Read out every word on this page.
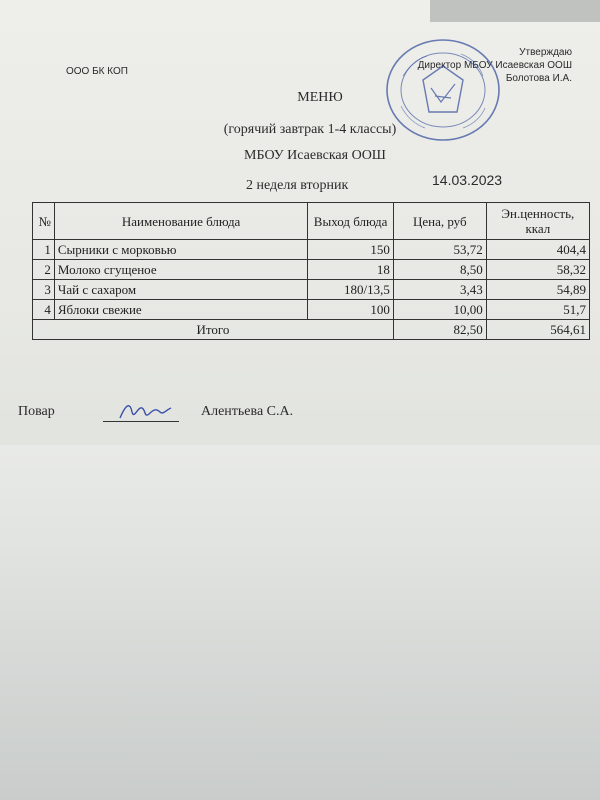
ООО БК КОП
Утверждаю
Директор МБОУ Исаевская ООШ
Болотова И.А.
МЕНЮ
(горячий завтрак 1-4 классы)
МБОУ Исаевская ООШ
2 неделя вторник	14.03.2023
№	Наименование блюда	Выход блюда	Цена, руб	Эн.ценность, ккал
1	Сырники с морковью	150	53,72	404,4
2	Молоко сгущеное	18	8,50	58,32
3	Чай с сахаром	180/13,5	3,43	54,89
4	Яблоки свежие	100	10,00	51,7
Итого			82,50	564,61
Повар	Алентьева С.А.
